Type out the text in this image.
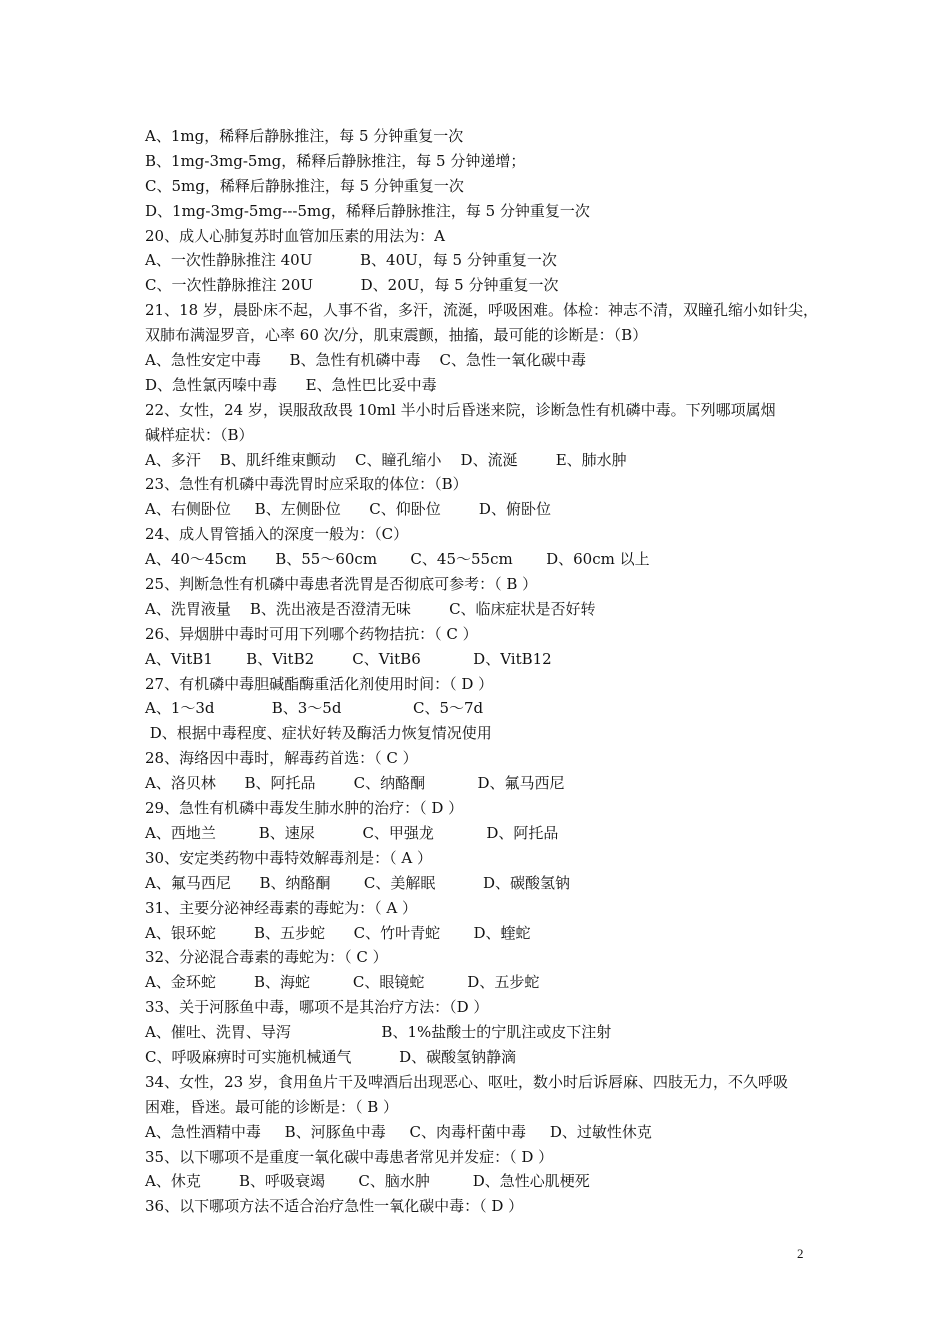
A、1mg，稀释后静脉推注，每 5 分钟重复一次
B、1mg-3mg-5mg，稀释后静脉推注，每 5 分钟递增；
C、5mg，稀释后静脉推注，每 5 分钟重复一次
D、1mg-3mg-5mg---5mg，稀释后静脉推注，每 5 分钟重复一次
20、成人心肺复苏时血管加压素的用法为：A
A、一次性静脉推注 40U          B、40U，每 5 分钟重复一次
C、一次性静脉推注 20U          D、20U，每 5 分钟重复一次
21、18 岁，晨卧床不起，人事不省，多汗，流涎，呼吸困难。体检：神志不清，双瞳孔缩小如针尖，
双肺布满湿罗音，心率 60 次/分，肌束震颤，抽搐，最可能的诊断是：（B）
A、急性安定中毒      B、急性有机磷中毒    C、急性一氧化碳中毒
D、急性氯丙嗪中毒      E、急性巴比妥中毒
22、女性，24 岁，误服敌敌畏 10ml 半小时后昏迷来院，诊断急性有机磷中毒。下列哪项属烟
碱样症状：（B）
A、多汗    B、肌纤维束颤动    C、瞳孔缩小    D、流涎        E、肺水肿
23、急性有机磷中毒洗胃时应采取的体位：（B）
A、右侧卧位     B、左侧卧位      C、仰卧位        D、俯卧位
24、成人胃管插入的深度一般为：（C）
A、40～45cm      B、55～60cm       C、45～55cm       D、60cm 以上
25、判断急性有机磷中毒患者洗胃是否彻底可参考：（ B ）
A、洗胃液量    B、洗出液是否澄清无味        C、临床症状是否好转
26、异烟肼中毒时可用下列哪个药物拮抗：（ C ）
A、VitB1       B、VitB2        C、VitB6           D、VitB12
27、有机磷中毒胆碱酯酶重活化剂使用时间：（ D ）
A、1～3d            B、3～5d               C、5～7d
D、根据中毒程度、症状好转及酶活力恢复情况使用
28、海络因中毒时，解毒药首选：（ C ）
A、洛贝林      B、阿托品        C、纳酪酮           D、氟马西尼
29、急性有机磷中毒发生肺水肿的治疗：（ D ）
A、西地兰         B、速尿          C、甲强龙           D、阿托品
30、安定类药物中毒特效解毒剂是：（ A ）
A、氟马西尼      B、纳酪酮       C、美解眠          D、碳酸氢钠
31、主要分泌神经毒素的毒蛇为：（ A ）
A、银环蛇        B、五步蛇      C、竹叶青蛇       D、蝰蛇
32、分泌混合毒素的毒蛇为：（ C ）
A、金环蛇        B、海蛇         C、眼镜蛇         D、五步蛇
33、关于河豚鱼中毒，哪项不是其治疗方法：（D ）
A、催吐、洗胃、导泻                   B、1%盐酸士的宁肌注或皮下注射
C、呼吸麻痹时可实施机械通气          D、碳酸氢钠静滴
34、女性，23 岁，食用鱼片干及啤酒后出现恶心、呕吐，数小时后诉唇麻、四肢无力，不久呼吸
困难，昏迷。最可能的诊断是：（ B ）
A、急性酒精中毒     B、河豚鱼中毒     C、肉毒杆菌中毒     D、过敏性休克
35、以下哪项不是重度一氧化碳中毒患者常见并发症：（ D ）
A、休克        B、呼吸衰竭       C、脑水肿         D、急性心肌梗死
36、以下哪项方法不适合治疗急性一氧化碳中毒：（ D ）
2
